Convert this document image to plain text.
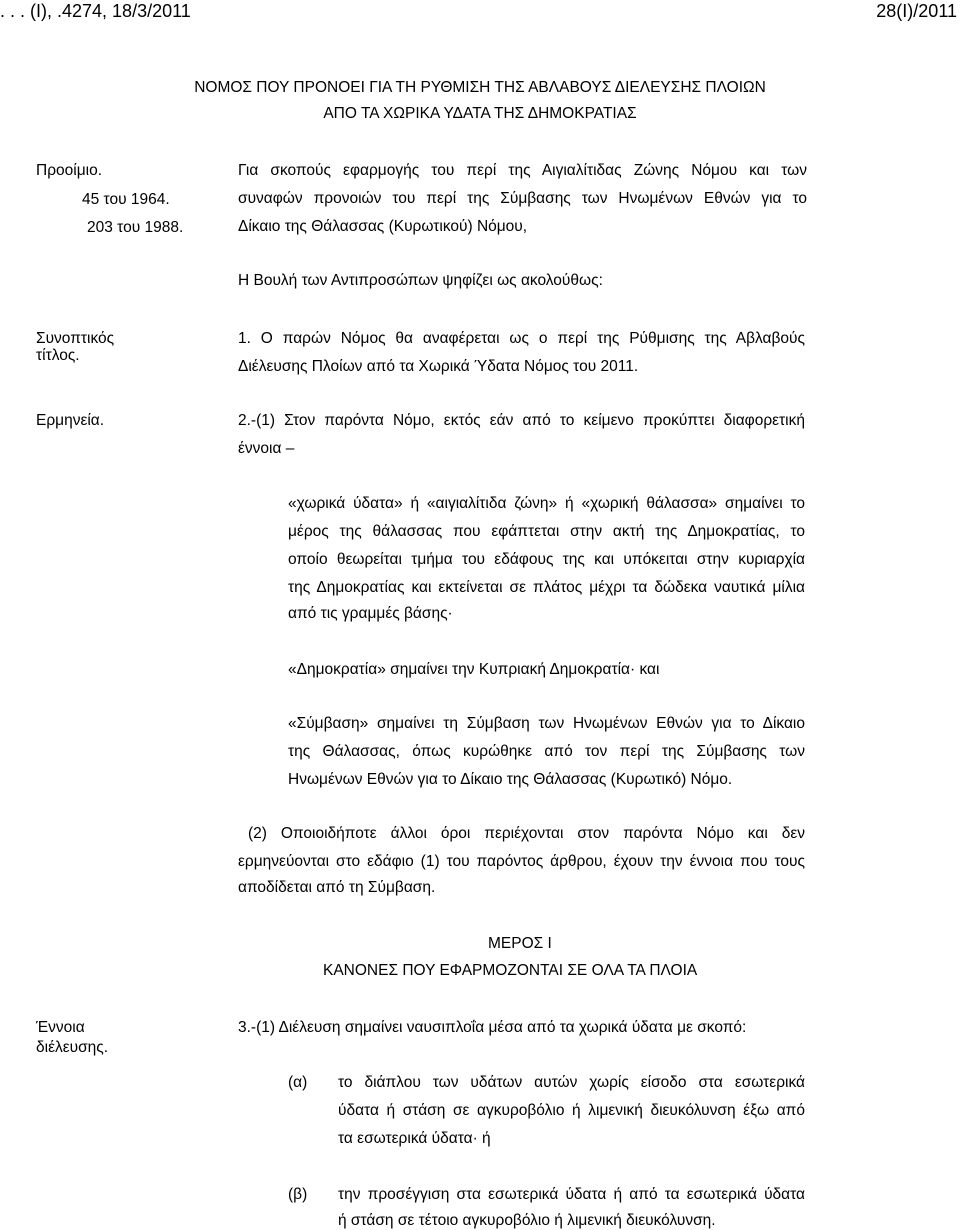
. . . (Ι), .4274, 18/3/2011	28(Ι)/2011
ΝΟΜΟΣ ΠΟΥ ΠΡΟΝΟΕΙ ΓΙΑ ΤΗ ΡΥΘΜΙΣΗ ΤΗΣ ΑΒΛΑΒΟΥΣ ΔΙΕΛΕΥΣΗΣ ΠΛΟΙΩΝ
ΑΠΟ ΤΑ ΧΩΡΙΚΑ ΥΔΑΤΑ ΤΗΣ ΔΗΜΟΚΡΑΤΙΑΣ
Προοίμιο.
45 του 1964.
203 του 1988.
Για σκοπούς εφαρμογής του περί της Αιγιαλίτιδας Ζώνης Νόμου και των
συναφών προνοιών του περί της Σύμβασης των Ηνωμένων Εθνών για το
Δίκαιο της Θάλασσας (Κυρωτικού) Νόμου,
Η Βουλή των Αντιπροσώπων ψηφίζει ως ακολούθως:
Συνοπτικός
τίτλος.
1. Ο παρών Νόμος θα αναφέρεται ως ο περί της Ρύθμισης της Αβλαβούς
Διέλευσης Πλοίων από τα Χωρικά Ύδατα Νόμος του 2011.
Ερμηνεία.	2.-(1) Στον παρόντα Νόμο, εκτός εάν από το κείμενο προκύπτει διαφορετική
έννοια –
«χωρικά ύδατα» ή «αιγιαλίτιδα ζώνη» ή «χωρική θάλασσα» σημαίνει το
μέρος της θάλασσας που εφάπτεται στην ακτή της Δημοκρατίας, το
οποίο θεωρείται τμήμα του εδάφους της και υπόκειται στην κυριαρχία
της Δημοκρατίας και εκτείνεται σε πλάτος μέχρι τα δώδεκα ναυτικά μίλια
από τις γραμμές βάσης·
«Δημοκρατία» σημαίνει την Κυπριακή Δημοκρατία· και
«Σύμβαση» σημαίνει τη Σύμβαση των Ηνωμένων Εθνών για το Δίκαιο
της Θάλασσας, όπως κυρώθηκε από τον περί της Σύμβασης των
Ηνωμένων Εθνών για το Δίκαιο της Θάλασσας (Κυρωτικό) Νόμο.
(2) Οποιοιδήποτε άλλοι όροι περιέχονται στον παρόντα Νόμο και δεν
ερμηνεύονται στο εδάφιο (1) του παρόντος άρθρου, έχουν την έννοια που τους
αποδίδεται από τη Σύμβαση.
ΜΕΡΟΣ Ι
ΚΑΝΟΝΕΣ ΠΟΥ ΕΦΑΡΜΟΖΟΝΤΑΙ ΣΕ ΟΛΑ ΤΑ ΠΛΟΙΑ
Έννοια
διέλευσης.
3.-(1) Διέλευση σημαίνει ναυσιπλοΐα μέσα από τα χωρικά ύδατα με σκοπό:
(α) το διάπλου των υδάτων αυτών χωρίς είσοδο στα εσωτερικά
ύδατα ή στάση σε αγκυροβόλιο ή λιμενική διευκόλυνση έξω από
τα εσωτερικά ύδατα· ή
(β) την προσέγγιση στα εσωτερικά ύδατα ή από τα εσωτερικά ύδατα
ή στάση σε τέτοιο αγκυροβόλιο ή λιμενική διευκόλυνση.
